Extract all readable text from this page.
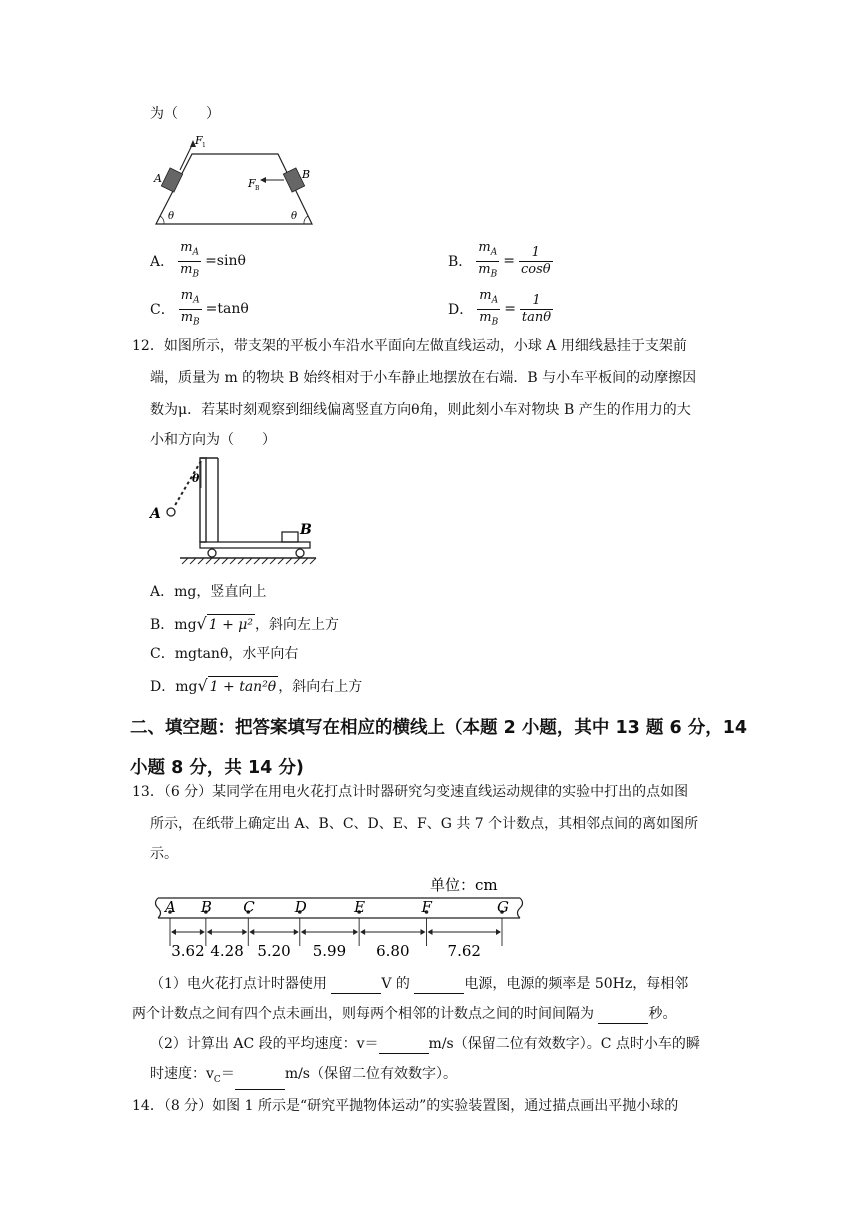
为（　　）
F 1
F B
A	B
θ	θ
A． $\frac{m_A}{m_B} =\sin\theta$	B． $\frac{m_A}{m_B} = \frac{1}{\cos\theta}$
C． $\frac{m_A}{m_B} =\tan\theta$	D． $\frac{m_A}{m_B} = \frac{1}{\tan\theta}$
12．如图所示，带支架的平板小车沿水平面向左做直线运动，小球 A 用细线悬挂于支架前
端，质量为 m 的物块 B 始终相对于小车静止地摆放在右端．B 与小车平板间的动摩擦因
数为μ．若某时刻观察到细线偏离竖直方向θ角，则此刻小车对物块 B 产生的作用力的大
小和方向为（　　）
A
θ
B
A．mg，竖直向上
B．mg√ 1 + μ² ，斜向左上方
C．mgtanθ，水平向右
D．mg√ 1 + tan²θ ，斜向右上方
二、填空题：把答案填写在相应的横线上（本题 2 小题，其中 13 题 6 分，14
小题 8 分，共 14 分)
13．（6 分）某同学在用电火花打点计时器研究匀变速直线运动规律的实验中打出的点如图
所示，在纸带上确定出 A、B、C、D、E、F、G 共 7 个计数点，其相邻点间的离如图所
示。
单位：cm
A B C	D	E	F	G
3.62 4.28 5.20 5.99 6.80	7.62
（1）电火花打点计时器使用	V 的	电源，电源的频率是 50Hz，每相邻
两个计数点之间有四个点未画出，则每两个相邻的计数点之间的时间间隔为	秒。
（2）计算出 AC 段的平均速度：v＝	m/s（保留二位有效数字）。C 点时小车的瞬
时速度：$v_C=$	m/s（保留二位有效数字）。
14．（8 分）如图 1 所示是“研究平抛物体运动”的实验装置图，通过描点画出平抛小球的
